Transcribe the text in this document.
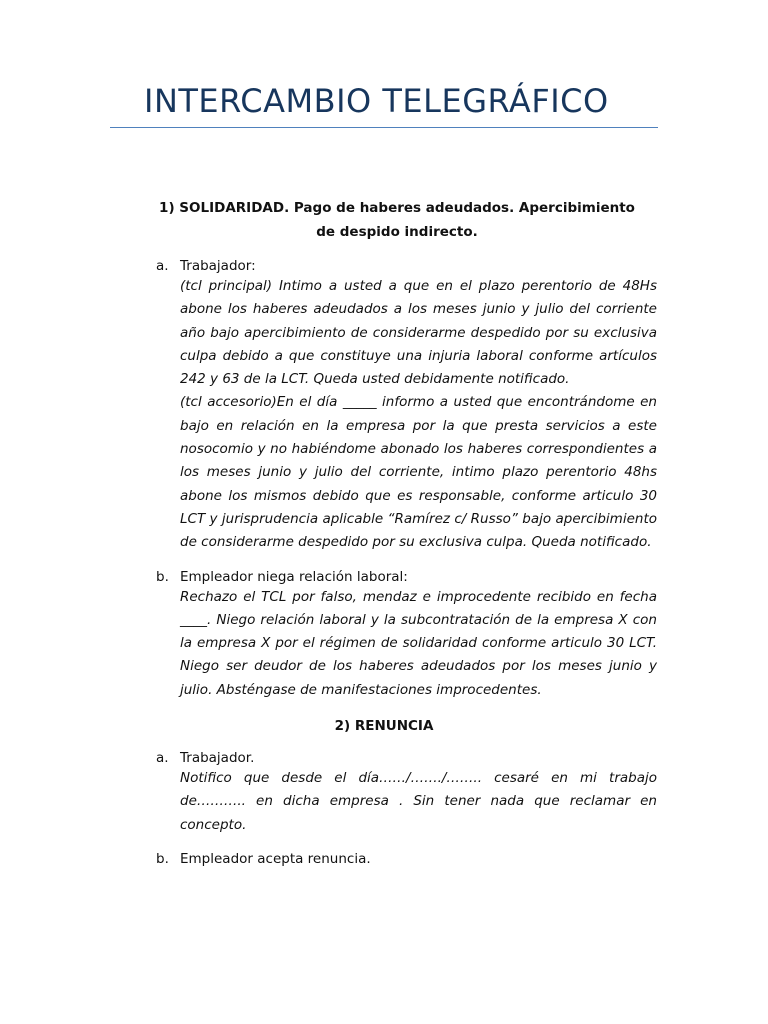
INTERCAMBIO TELEGRÁFICO
1) SOLIDARIDAD. Pago de haberes adeudados. Apercibimiento
de despido indirecto.
a. Trabajador:
(tcl principal) Intimo a usted a que en el plazo perentorio de 48Hs abone los haberes adeudados a los meses junio y julio del corriente año bajo apercibimiento de considerarme despedido por su exclusiva culpa debido a que constituye una injuria laboral conforme artículos 242 y 63 de la LCT. Queda usted debidamente notificado.
(tcl accesorio)En el día _____ informo a usted que encontrándome en bajo en relación en la empresa por la que presta servicios a este nosocomio y no habiéndome abonado los haberes correspondientes a los meses junio y julio del corriente, intimo plazo perentorio 48hs abone los mismos debido que es responsable, conforme articulo 30 LCT y jurisprudencia aplicable “Ramírez c/ Russo” bajo apercibimiento de considerarme despedido por su exclusiva culpa. Queda notificado.
b. Empleador niega relación laboral:
Rechazo el TCL por falso, mendaz e improcedente recibido en fecha ____. Niego relación laboral y la subcontratación de la empresa X con la empresa X por el régimen de solidaridad conforme articulo 30 LCT. Niego ser deudor de los haberes adeudados por los meses junio y julio. Absténgase de manifestaciones improcedentes.
2) RENUNCIA
a. Trabajador.
Notifico que desde el día……/……./…….. cesaré en mi trabajo de……….. en dicha empresa . Sin tener nada que reclamar en concepto.
b. Empleador acepta renuncia.
